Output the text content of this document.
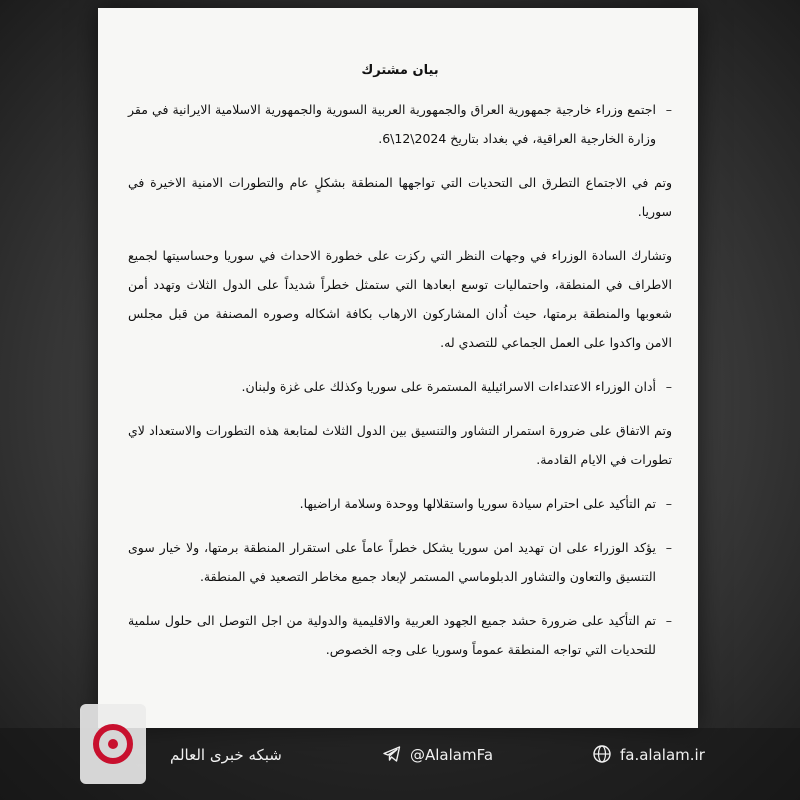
بيان مشترك
– اجتمع وزراء خارجية جمهورية العراق والجمهورية العربية السورية والجمهورية الاسلامية الايرانية في مقر وزارة الخارجية العراقية، في بغداد بتاريخ 2024\12\6.
وتم في الاجتماع التطرق الى التحديات التي تواجهها المنطقة بشكلٍ عام والتطورات الامنية الاخيرة في سوريا.
وتشارك السادة الوزراء في وجهات النظر التي ركزت على خطورة الاحداث في سوريا وحساسيتها لجميع الاطراف في المنطقة، واحتماليات توسع ابعادها التي ستمثل خطراً شديداً على الدول الثلاث وتهدد أمن شعوبها والمنطقة برمتها، حيث اُدان المشاركون الارهاب بكافة اشكاله وصوره المصنفة من قبل مجلس الامن واكدوا على العمل الجماعي للتصدي له.
– أدان الوزراء الاعتداءات الاسرائيلية المستمرة على سوريا وكذلك على غزة ولبنان.
وتم الاتفاق على ضرورة استمرار التشاور والتنسيق بين الدول الثلاث لمتابعة هذه التطورات والاستعداد لاي تطورات في الايام القادمة.
– تم التأكيد على احترام سيادة سوريا واستقلالها ووحدة وسلامة اراضيها.
– يؤكد الوزراء على ان تهديد امن سوريا يشكل خطراً عاماً على استقرار المنطقة برمتها، ولا خيار سوى التنسيق والتعاون والتشاور الدبلوماسي المستمر لإبعاد جميع مخاطر التصعيد في المنطقة.
– تم التأكيد على ضرورة حشد جميع الجهود العربية والاقليمية والدولية من اجل التوصل الى حلول سلمية للتحديات التي تواجه المنطقة عموماً وسوريا على وجه الخصوص.
شبکه خبری العالم	@AlalamFa	fa.alalam.ir
